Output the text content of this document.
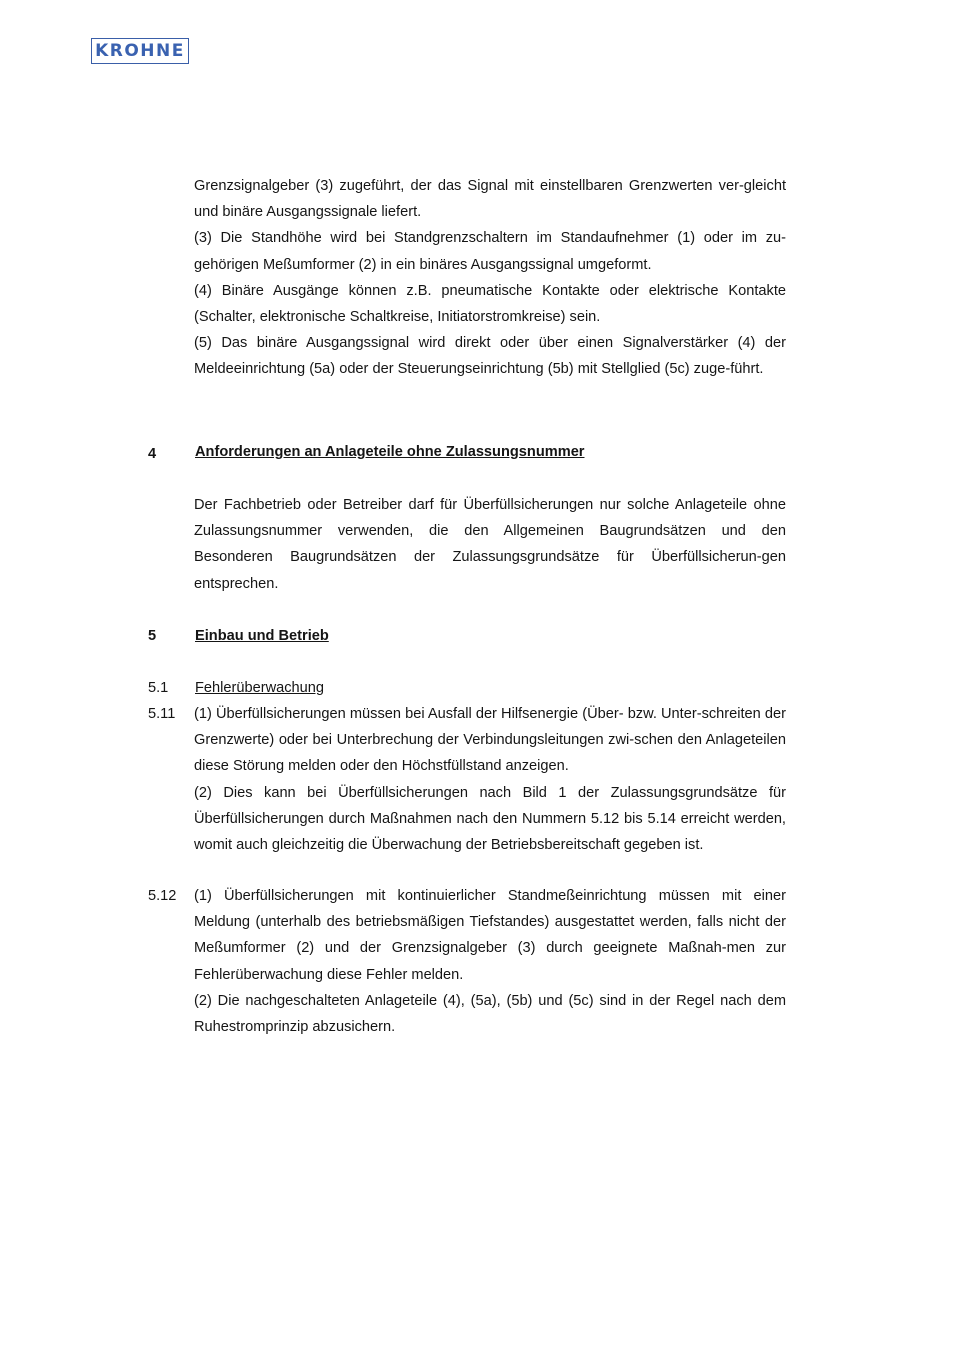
KROHNE

Grenzsignalgeber (3) zugeführt, der das Signal mit einstellbaren Grenzwerten ver-gleicht und binäre Ausgangssignale liefert.

(3) Die Standhöhe wird bei Standgrenzschaltern im Standaufnehmer (1) oder im zu-gehörigen Meßumformer (2) in ein binäres Ausgangssignal umgeformt.

(4) Binäre Ausgänge können z.B. pneumatische Kontakte oder elektrische Kontakte (Schalter, elektronische Schaltkreise, Initiatorstromkreise) sein.

(5) Das binäre Ausgangssignal wird direkt oder über einen Signalverstärker (4) der Meldeeinrichtung (5a) oder der Steuerungseinrichtung (5b) mit Stellglied (5c) zuge-führt.

4	Anforderungen an Anlageteile ohne Zulassungsnummer

Der Fachbetrieb oder Betreiber darf für Überfüllsicherungen nur solche Anlageteile ohne Zulassungsnummer verwenden, die den Allgemeinen Baugrundsätzen und den Besonderen Baugrundsätzen der Zulassungsgrundsätze für Überfüllsicherun-gen entsprechen.

5	Einbau und Betrieb
5.1 Fehlerüberwachung
5.11 (1) Überfüllsicherungen müssen bei Ausfall der Hilfsenergie (Über- bzw. Unter-schreiten der Grenzwerte) oder bei Unterbrechung der Verbindungsleitungen zwi-schen den Anlageteilen diese Störung melden oder den Höchstfüllstand anzeigen.

(2) Dies kann bei Überfüllsicherungen nach Bild 1 der Zulassungsgrundsätze für Überfüllsicherungen durch Maßnahmen nach den Nummern 5.12 bis 5.14 erreicht werden, womit auch gleichzeitig die Überwachung der Betriebsbereitschaft gegeben ist.

5.12 (1) Überfüllsicherungen mit kontinuierlicher Standmeßeinrichtung müssen mit einer Meldung (unterhalb des betriebsmäßigen Tiefstandes) ausgestattet werden, falls nicht der Meßumformer (2) und der Grenzsignalgeber (3) durch geeignete Maßnah-men zur Fehlerüberwachung diese Fehler melden.

(2) Die nachgeschalteten Anlageteile (4), (5a), (5b) und (5c) sind in der Regel nach dem Ruhestromprinzip abzusichern.
